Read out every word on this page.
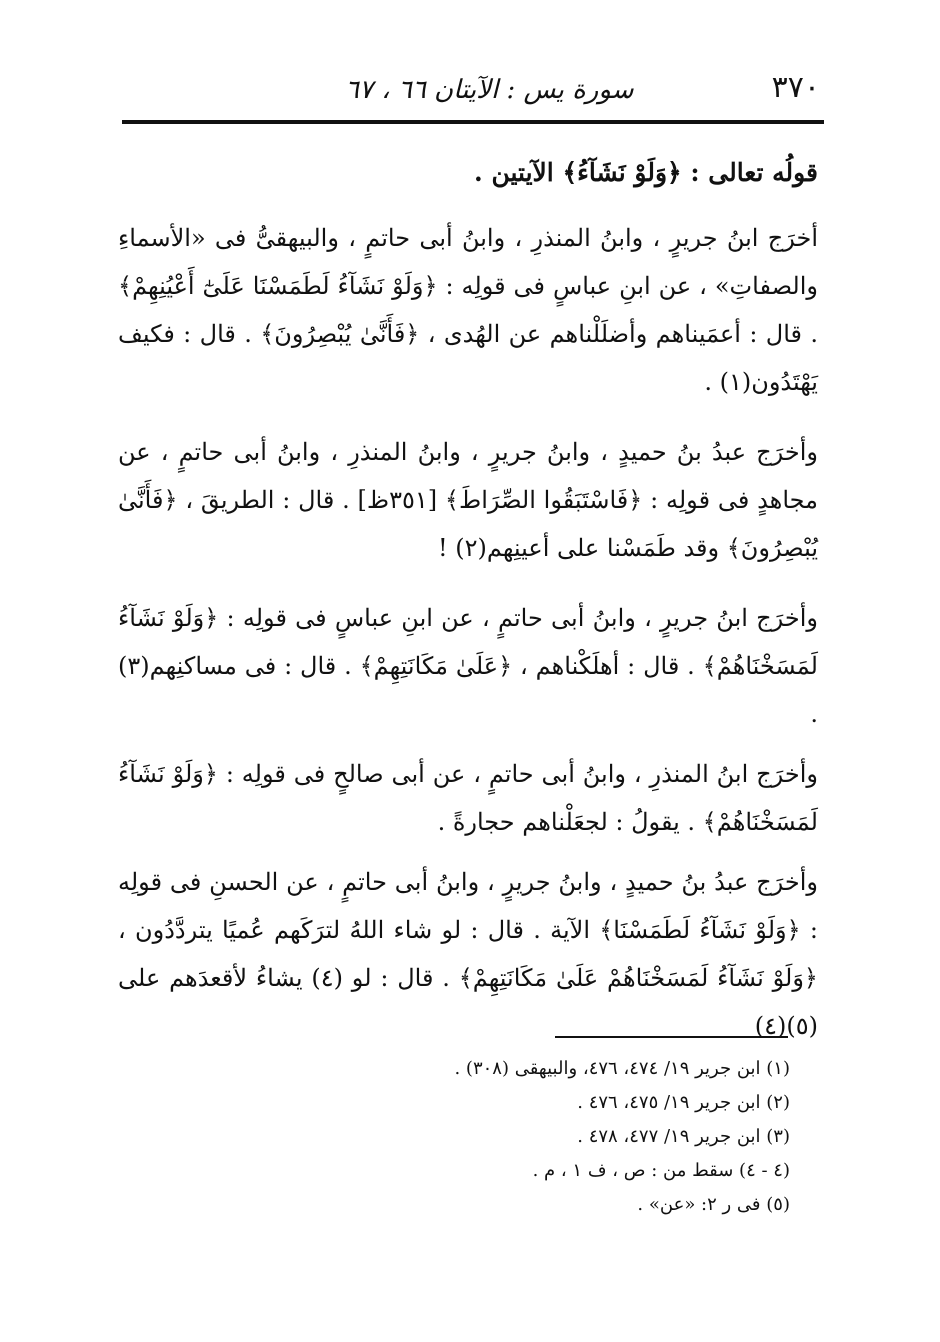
٣٧٠
سورة يس : الآيتان ٦٦ ، ٦٧

قولُه تعالى : ﴿وَلَوْ نَشَآءُ﴾ الآيتين .

أخرَج ابنُ جريرٍ ، وابنُ المنذرِ ، وابنُ أبى حاتمٍ ، والبيهقىُّ فى «الأسماءِ والصفاتِ» ، عن ابنِ عباسٍ فى قولِه : ﴿وَلَوْ نَشَآءُ لَطَمَسْنَا عَلَىٰٓ أَعْيُنِهِمْ﴾ . قال : أعمَيناهم وأضلَلْناهم عن الهُدى ، ﴿فَأَنَّىٰ يُبْصِرُونَ﴾ . قال : فكيف يَهْتَدُون(١) .

وأخرَج عبدُ بنُ حميدٍ ، وابنُ جريرٍ ، وابنُ المنذرِ ، وابنُ أبى حاتمٍ ، عن مجاهدٍ فى قولِه : ﴿فَاسْتَبَقُوا الصِّرَاطَ﴾ [٣٥١ظ] . قال : الطريقَ ، ﴿فَأَنَّىٰ يُبْصِرُونَ﴾ وقد طَمَسْنا على أعينِهم(٢) !

وأخرَج ابنُ جريرٍ ، وابنُ أبى حاتمٍ ، عن ابنِ عباسٍ فى قولِه : ﴿وَلَوْ نَشَآءُ لَمَسَخْنَاهُمْ﴾ . قال : أهلَكْناهم ، ﴿عَلَىٰ مَكَانَتِهِمْ﴾ . قال : فى مساكنِهم(٣) .

وأخرَج ابنُ المنذرِ ، وابنُ أبى حاتمٍ ، عن أبى صالحٍ فى قولِه : ﴿وَلَوْ نَشَآءُ لَمَسَخْنَاهُمْ﴾ . يقولُ : لجعَلْناهم حجارةً .

وأخرَج عبدُ بنُ حميدٍ ، وابنُ جريرٍ ، وابنُ أبى حاتمٍ ، عن الحسنِ فى قولِه : ﴿وَلَوْ نَشَآءُ لَطَمَسْنَا﴾ الآية . قال : لو شاء اللهُ لترَكَهم عُميًا يتردَّدُون ، ﴿وَلَوْ نَشَآءُ لَمَسَخْنَاهُمْ عَلَىٰ مَكَانَتِهِمْ﴾ . قال : لو (٤) يشاءُ لأقعدَهم على (٥)(٤)

(١) ابن جرير ١٩/ ٤٧٤، ٤٧٦، والبيهقى (٣٠٨) .
(٢) ابن جرير ١٩/ ٤٧٥، ٤٧٦ .
(٣) ابن جرير ١٩/ ٤٧٧، ٤٧٨ .
(٤ - ٤) سقط من : ص ، ف ١ ، م .
(٥) فى ر ٢: «عن» .
